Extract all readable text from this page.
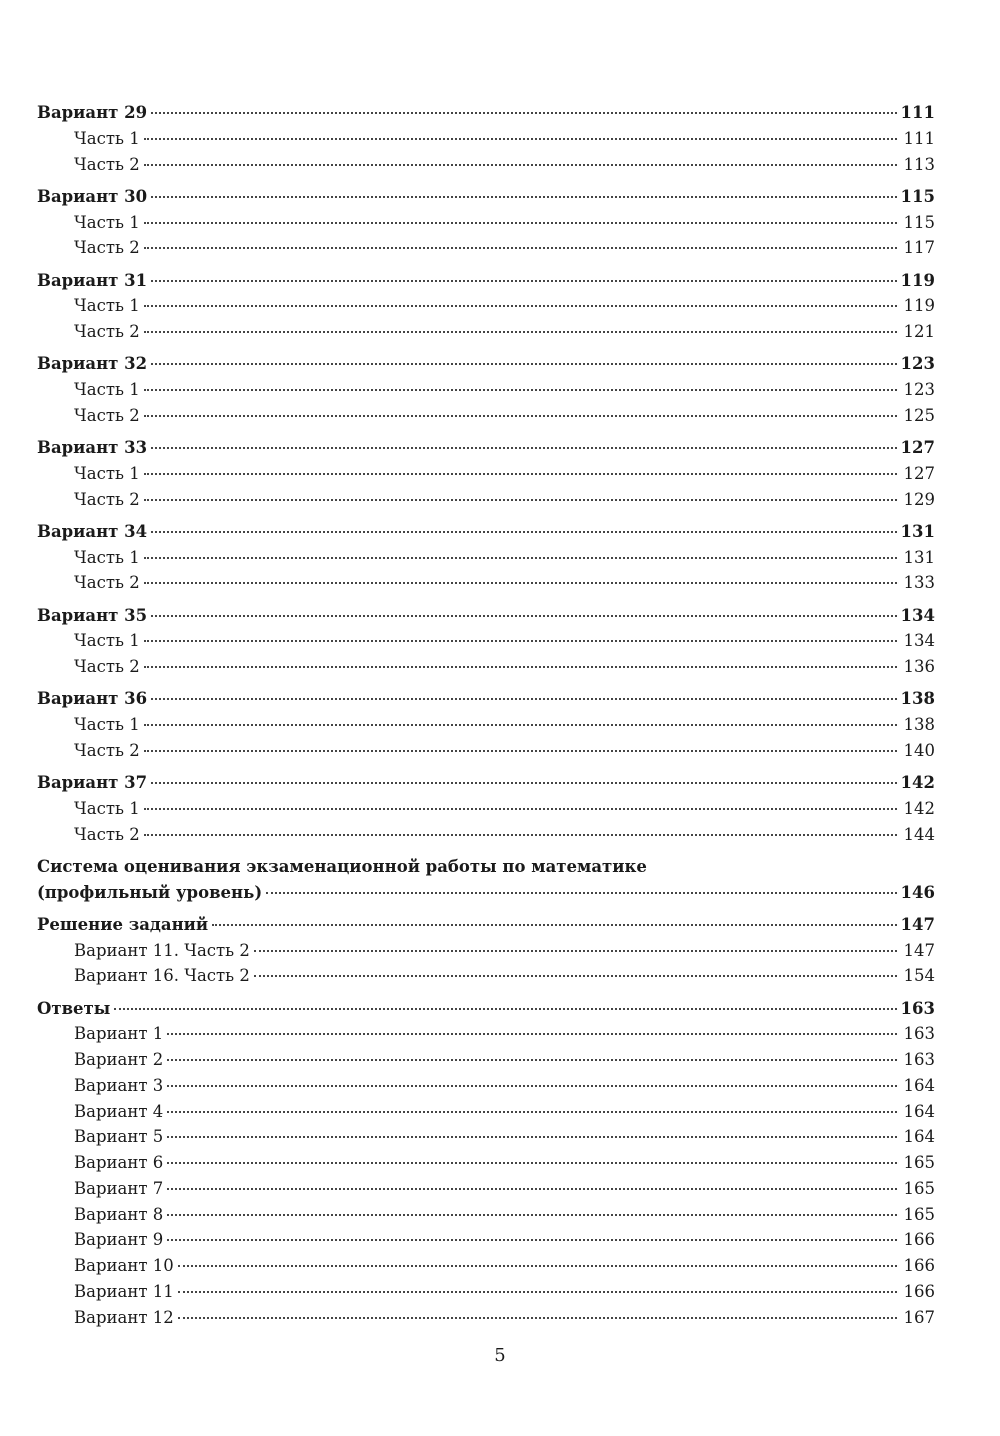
Вариант 29	111
Часть 1	111
Часть 2	113
Вариант 30	115
Часть 1	115
Часть 2	117
Вариант 31	119
Часть 1	119
Часть 2	121
Вариант 32	123
Часть 1	123
Часть 2	125
Вариант 33	127
Часть 1	127
Часть 2	129
Вариант 34	131
Часть 1	131
Часть 2	133
Вариант 35	134
Часть 1	134
Часть 2	136
Вариант 36	138
Часть 1	138
Часть 2	140
Вариант 37	142
Часть 1	142
Часть 2	144
Система оценивания экзаменационной работы по математике
(профильный уровень)	146
Решение заданий	147
Вариант 11. Часть 2	147
Вариант 16. Часть 2	154
Ответы	163
Вариант 1	163
Вариант 2	163
Вариант 3	164
Вариант 4	164
Вариант 5	164
Вариант 6	165
Вариант 7	165
Вариант 8	165
Вариант 9	166
Вариант 10	166
Вариант 11	166
Вариант 12	167
5
